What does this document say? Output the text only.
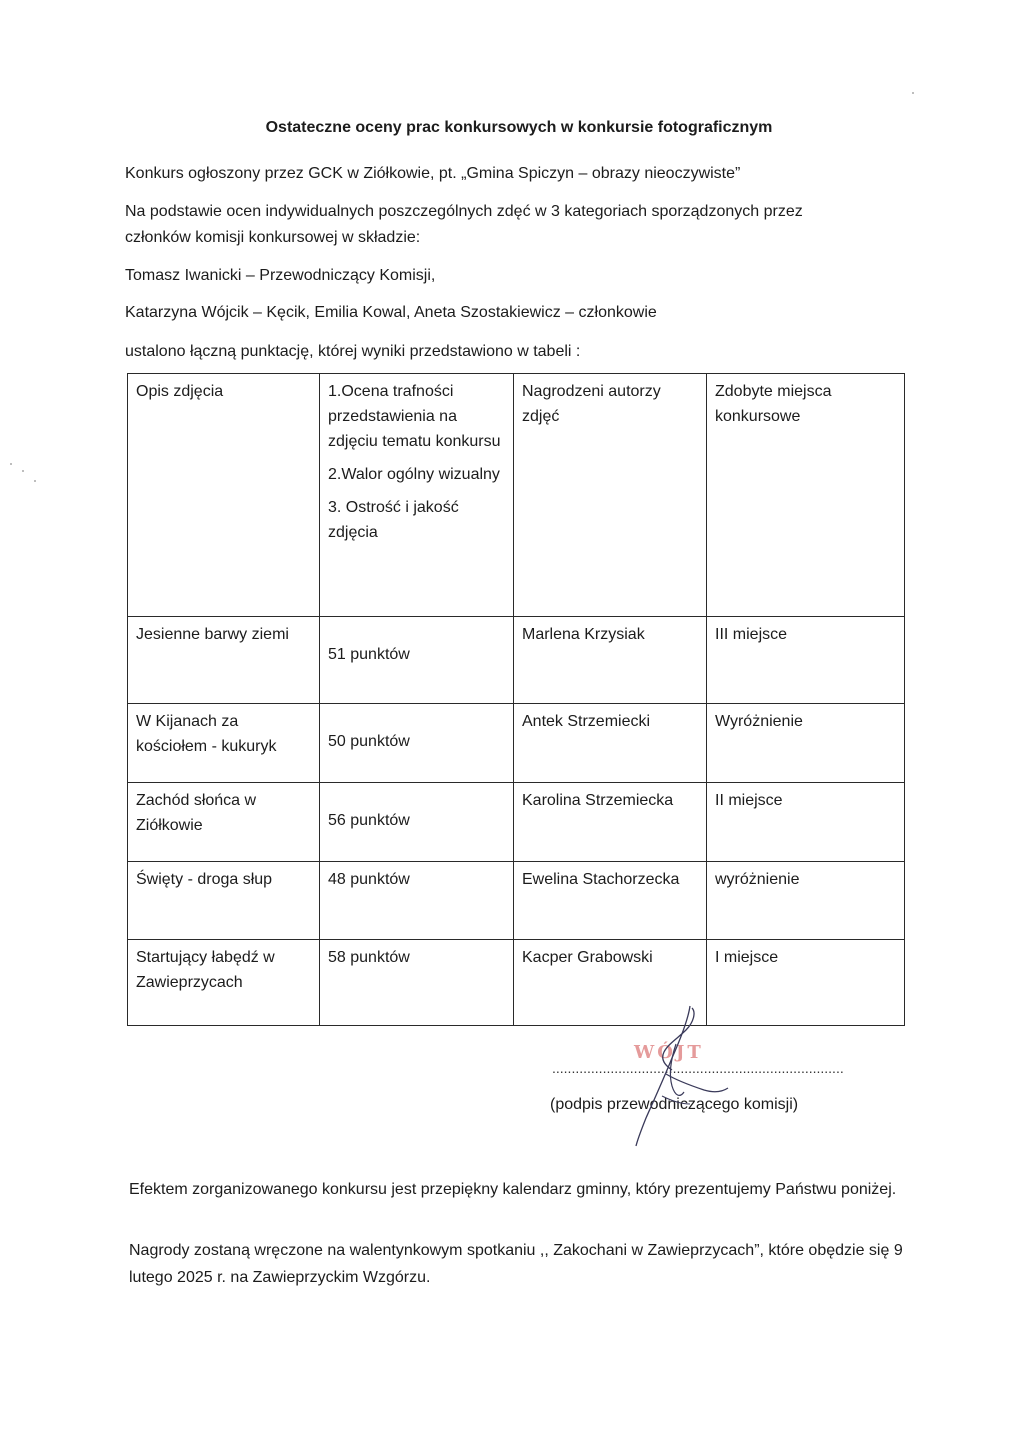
Ostateczne oceny prac konkursowych w konkursie fotograficznym
Konkurs ogłoszony przez GCK w Ziółkowie, pt. „Gmina Spiczyn – obrazy nieoczywiste”
Na podstawie ocen indywidualnych poszczególnych zdęć w 3 kategoriach sporządzonych przez
członków komisji konkursowej w składzie:
Tomasz Iwanicki – Przewodniczący Komisji,
Katarzyna Wójcik – Kęcik, Emilia Kowal, Aneta Szostakiewicz – członkowie
ustalono łączną punktację, której wyniki przedstawiono w tabeli :
Opis zdjęcia	1.Ocena trafności przedstawienia na zdjęciu tematu konkursu
2.Walor ogólny wizualny
3. Ostrość i jakość zdjęcia	Nagrodzeni autorzy zdjęć	Zdobyte miejsca konkursowe
Jesienne barwy ziemi	51 punktów	Marlena Krzysiak	III miejsce
W Kijanach za kościołem - kukuryk	50 punktów	Antek Strzemiecki	Wyróżnienie
Zachód słońca w Ziółkowie	56 punktów	Karolina Strzemiecka	II miejsce
Święty - droga słup	48 punktów	Ewelina Stachorzecka	wyróżnienie
Startujący łabędź w Zawieprzycach	58 punktów	Kacper Grabowski	I miejsce
WÓJT
...........................................................................
(podpis przewodniczącego komisji)
Efektem zorganizowanego konkursu jest przepiękny kalendarz gminny, który prezentujemy Państwu poniżej.
Nagrody zostaną wręczone na walentynkowym spotkaniu ,, Zakochani w Zawieprzycach”, które obędzie się 9 lutego 2025 r. na Zawieprzyckim Wzgórzu.
